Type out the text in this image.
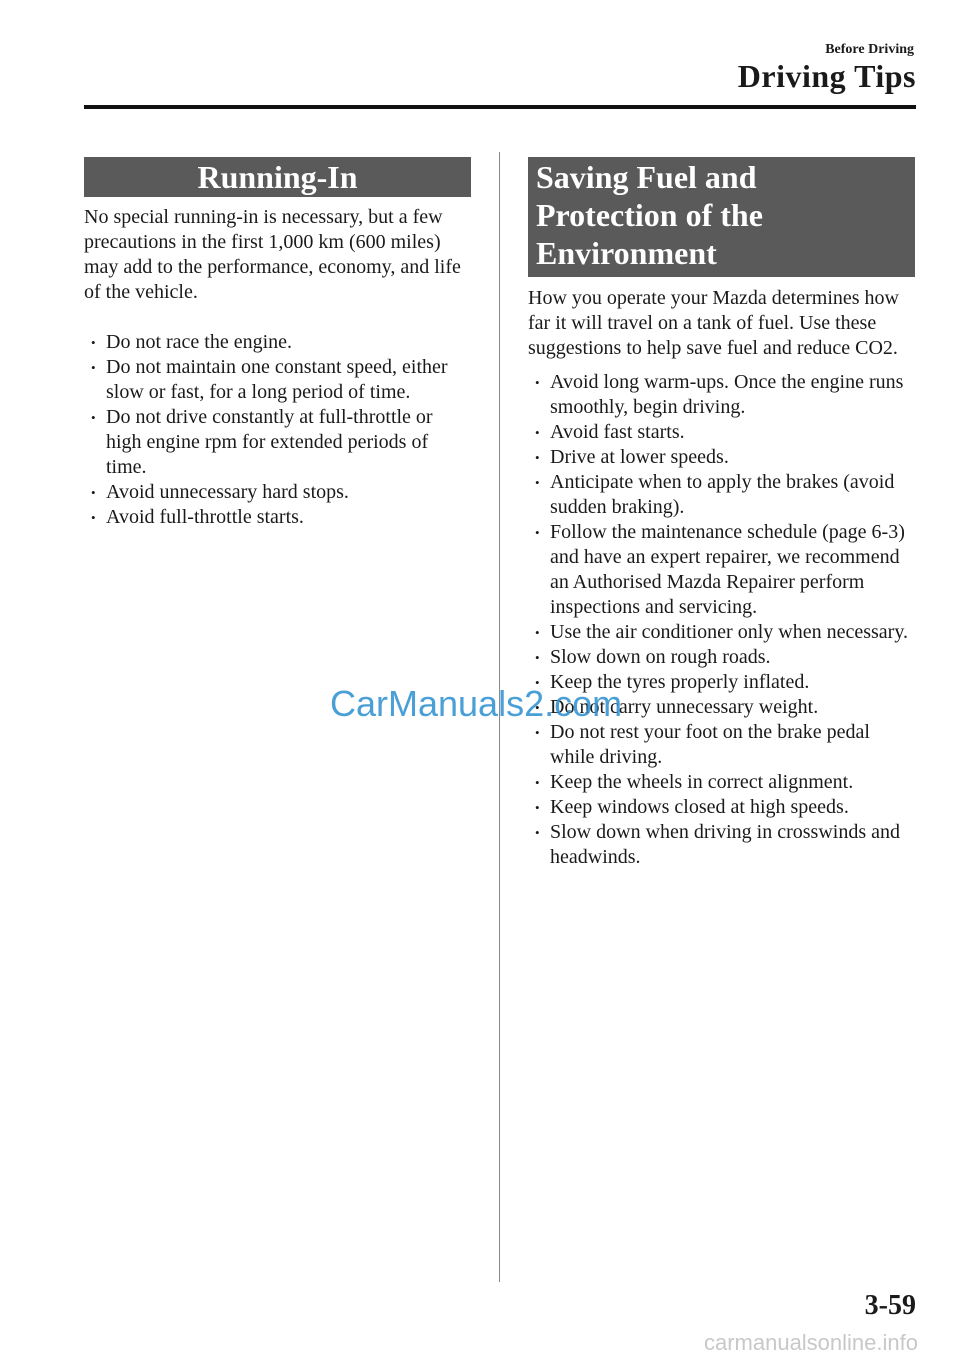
Before Driving
Driving Tips
Running-In

No special running-in is necessary, but a few precautions in the first 1,000 km (600 miles) may add to the performance, economy, and life of the vehicle.

• Do not race the engine.
• Do not maintain one constant speed, either slow or fast, for a long period of time.
• Do not drive constantly at full-throttle or high engine rpm for extended periods of time.
• Avoid unnecessary hard stops.
• Avoid full-throttle starts.
Saving Fuel and
Protection of the
Environment

How you operate your Mazda determines how far it will travel on a tank of fuel. Use these suggestions to help save fuel and reduce CO2.

• Avoid long warm-ups. Once the engine runs smoothly, begin driving.
• Avoid fast starts.
• Drive at lower speeds.
• Anticipate when to apply the brakes (avoid sudden braking).
• Follow the maintenance schedule (page 6-3) and have an expert repairer, we recommend an Authorised Mazda Repairer perform inspections and servicing.
• Use the air conditioner only when necessary.
• Slow down on rough roads.
• Keep the tyres properly inflated.
• Do not carry unnecessary weight.
• Do not rest your foot on the brake pedal while driving.
• Keep the wheels in correct alignment.
• Keep windows closed at high speeds.
• Slow down when driving in crosswinds and headwinds.
CarManuals2.com
3-59
carmanualsonline.info
